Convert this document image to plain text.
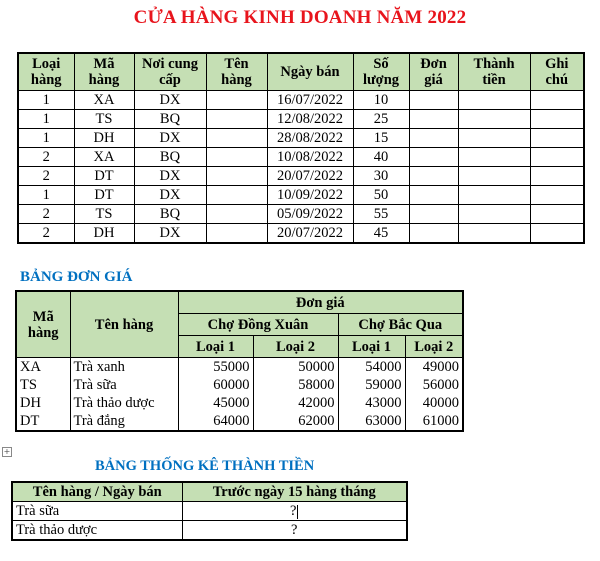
CỬA HÀNG KINH DOANH NĂM 2022
Loại hàng	Mã hàng	Nơi cung cấp	Tên hàng	Ngày bán	Số lượng	Đơn giá	Thành tiền	Ghi chú
1	XA	DX		16/07/2022	10			
1	TS	BQ		12/08/2022	25			
1	DH	DX		28/08/2022	15			
2	XA	BQ		10/08/2022	40			
2	DT	DX		20/07/2022	30			
1	DT	DX		10/09/2022	50			
2	TS	BQ		05/09/2022	55			
2	DH	DX		20/07/2022	45			
BẢNG ĐƠN GIÁ
Mã hàng	Tên hàng	Đơn giá			
		Chợ Đồng Xuân		Chợ Bắc Qua	
		Loại 1	Loại 2	Loại 1	Loại 2
XA	Trà xanh	55000	50000	54000	49000
TS	Trà sữa	60000	58000	59000	56000
DH	Trà thảo dược	45000	42000	43000	40000
DT	Trà đắng	64000	62000	63000	61000
+
BẢNG THỐNG KÊ THÀNH TIỀN
Tên hàng / Ngày bán	Trước ngày 15 hàng tháng
Trà sữa	?
Trà thảo dược	?
